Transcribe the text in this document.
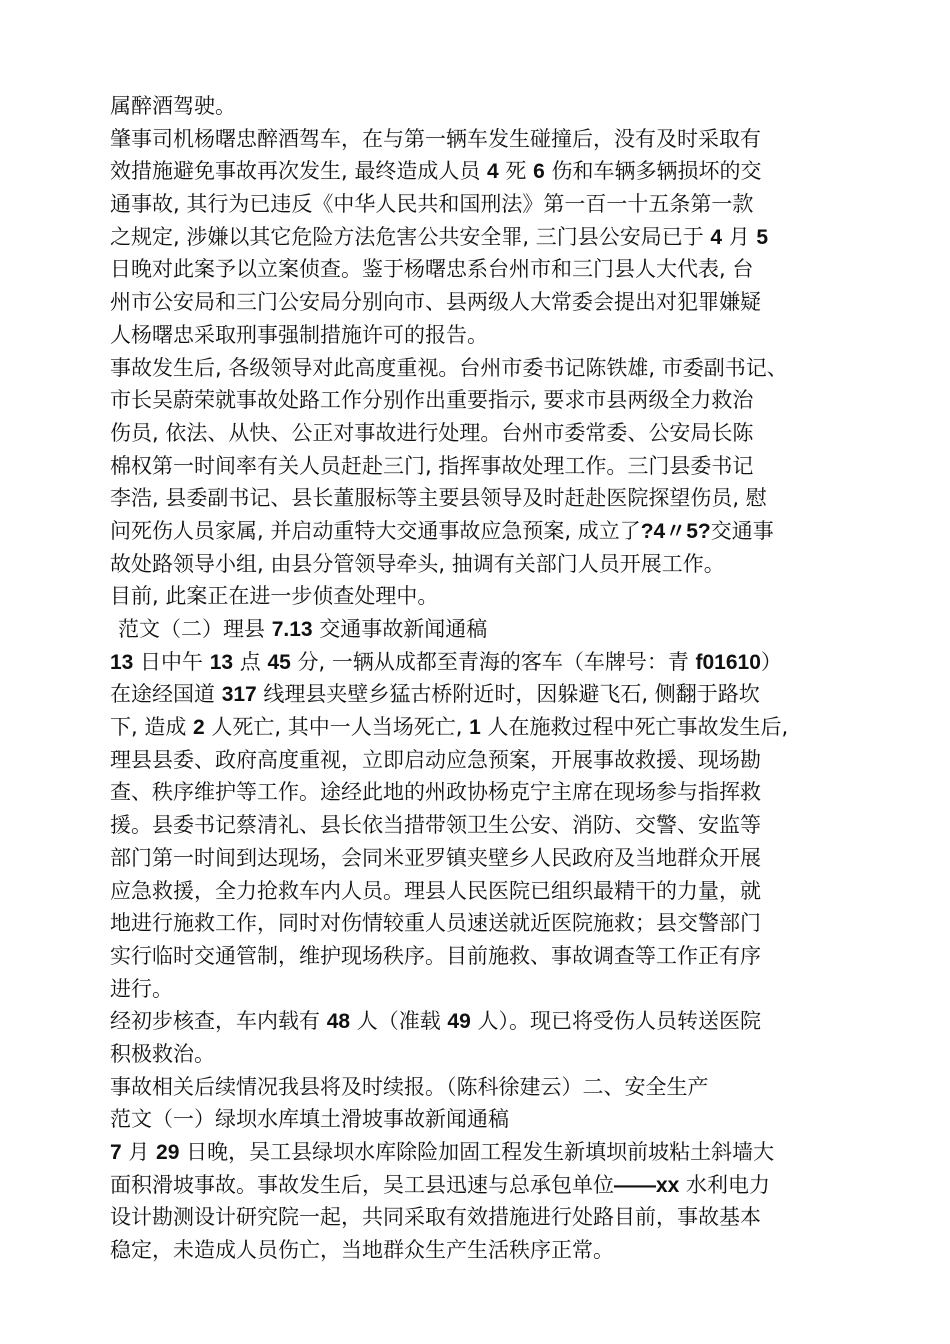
属醉酒驾驶。
肇事司机杨曙忠醉酒驾车，在与第一辆车发生碰撞后，没有及时采取有
效措施避免事故再次发生, 最终造成人员 4 死 6 伤和车辆多辆损坏的交
通事故, 其行为已违反《中华人民共和国刑法》第一百一十五条第一款
之规定, 涉嫌以其它危险方法危害公共安全罪, 三门县公安局已于 4 月 5
日晚对此案予以立案侦查。鉴于杨曙忠系台州市和三门县人大代表, 台
州市公安局和三门公安局分别向市、县两级人大常委会提出对犯罪嫌疑
人杨曙忠采取刑事强制措施许可的报告。
事故发生后, 各级领导对此高度重视。台州市委书记陈铁雄, 市委副书记、
市长吴蔚荣就事故处路工作分别作出重要指示, 要求市县两级全力救治
伤员, 依法、从快、公正对事故进行处理。台州市委常委、公安局长陈
棉权第一时间率有关人员赶赴三门, 指挥事故处理工作。三门县委书记
李浩, 县委副书记、县长董服标等主要县领导及时赶赴医院探望伤员, 慰
问死伤人员家属, 并启动重特大交通事故应急预案, 成立了?4〃5?交通事
故处路领导小组, 由县分管领导牵头, 抽调有关部门人员开展工作。
目前, 此案正在进一步侦查处理中。
范文（二）理县 7.13 交通事故新闻通稿
13 日中午 13 点 45 分, 一辆从成都至青海的客车（车牌号：青 f01610）
在途经国道 317 线理县夹壁乡猛古桥附近时，因躲避飞石, 侧翻于路坎
下, 造成 2 人死亡, 其中一人当场死亡, 1 人在施救过程中死亡事故发生后,
理县县委、政府高度重视，立即启动应急预案，开展事故救援、现场勘
查、秩序维护等工作。途经此地的州政协杨克宁主席在现场参与指挥救
援。县委书记蔡清礼、县长依当措带领卫生公安、消防、交警、安监等
部门第一时间到达现场，会同米亚罗镇夹壁乡人民政府及当地群众开展
应急救援，全力抢救车内人员。理县人民医院已组织最精干的力量，就
地进行施救工作，同时对伤情较重人员速送就近医院施救；县交警部门
实行临时交通管制，维护现场秩序。目前施救、事故调查等工作正有序
进行。
经初步核查，车内载有 48 人（准载 49 人）。现已将受伤人员转送医院
积极救治。
事故相关后续情况我县将及时续报。（陈科徐建云）二、安全生产
范文（一）绿坝水库填土滑坡事故新闻通稿
7 月 29 日晚，吴工县绿坝水库除险加固工程发生新填坝前坡粘土斜墙大
面积滑坡事故。事故发生后，吴工县迅速与总承包单位——xx 水利电力
设计勘测设计研究院一起，共同采取有效措施进行处路目前，事故基本
稳定，未造成人员伤亡，当地群众生产生活秩序正常。
